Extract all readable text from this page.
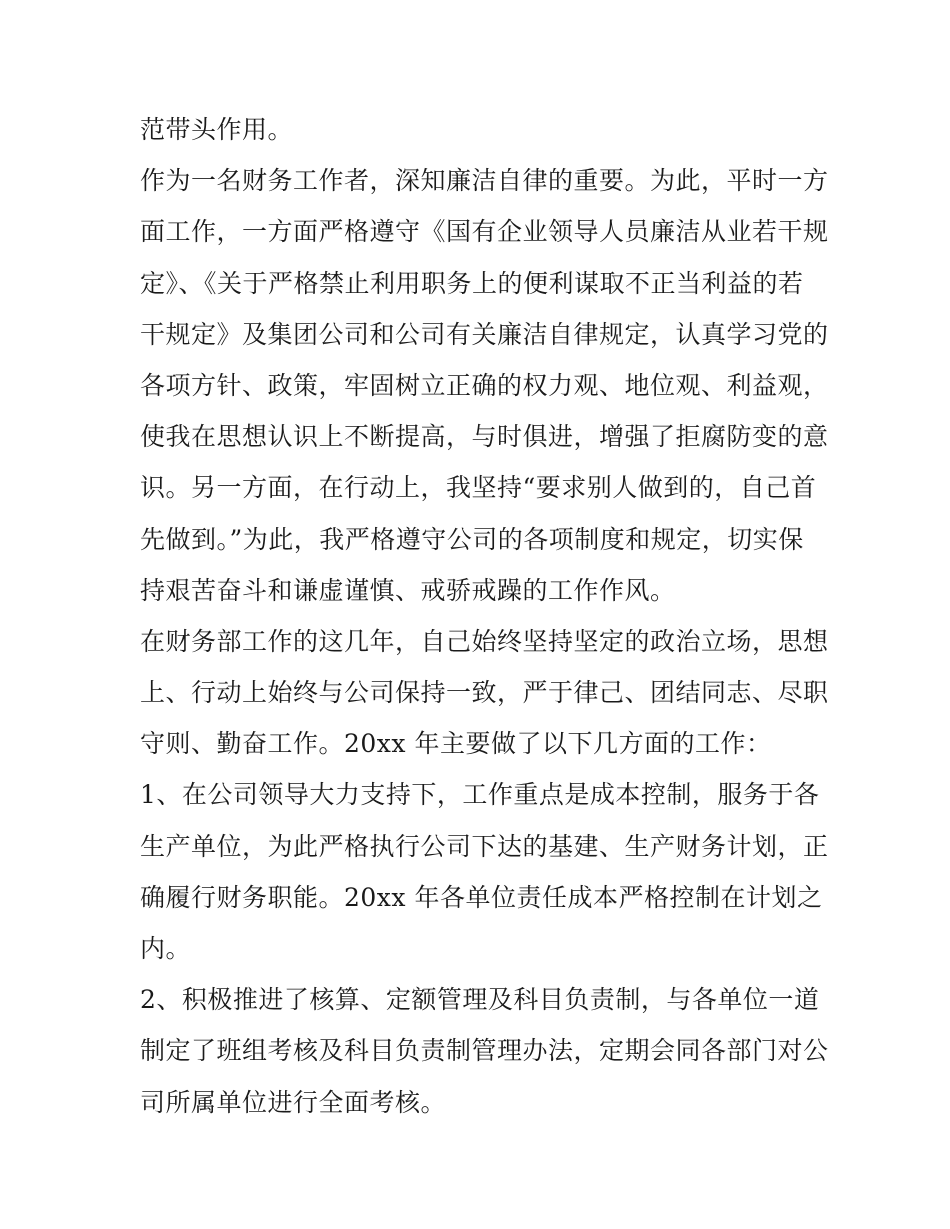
范带头作用。
作为一名财务工作者，深知廉洁自律的重要。为此，平时一方
面工作，一方面严格遵守《国有企业领导人员廉洁从业若干规
定》、《关于严格禁止利用职务上的便利谋取不正当利益的若
干规定》及集团公司和公司有关廉洁自律规定，认真学习党的
各项方针、政策，牢固树立正确的权力观、地位观、利益观，
使我在思想认识上不断提高，与时俱进，增强了拒腐防变的意
识。另一方面，在行动上，我坚持“要求别人做到的，自己首
先做到。”为此，我严格遵守公司的各项制度和规定，切实保
持艰苦奋斗和谦虚谨慎、戒骄戒躁的工作作风。
在财务部工作的这几年，自己始终坚持坚定的政治立场，思想
上、行动上始终与公司保持一致，严于律己、团结同志、尽职
守则、勤奋工作。20xx 年主要做了以下几方面的工作：
1、在公司领导大力支持下，工作重点是成本控制，服务于各
生产单位，为此严格执行公司下达的基建、生产财务计划，正
确履行财务职能。20xx 年各单位责任成本严格控制在计划之
内。
2、积极推进了核算、定额管理及科目负责制，与各单位一道
制定了班组考核及科目负责制管理办法，定期会同各部门对公
司所属单位进行全面考核。
